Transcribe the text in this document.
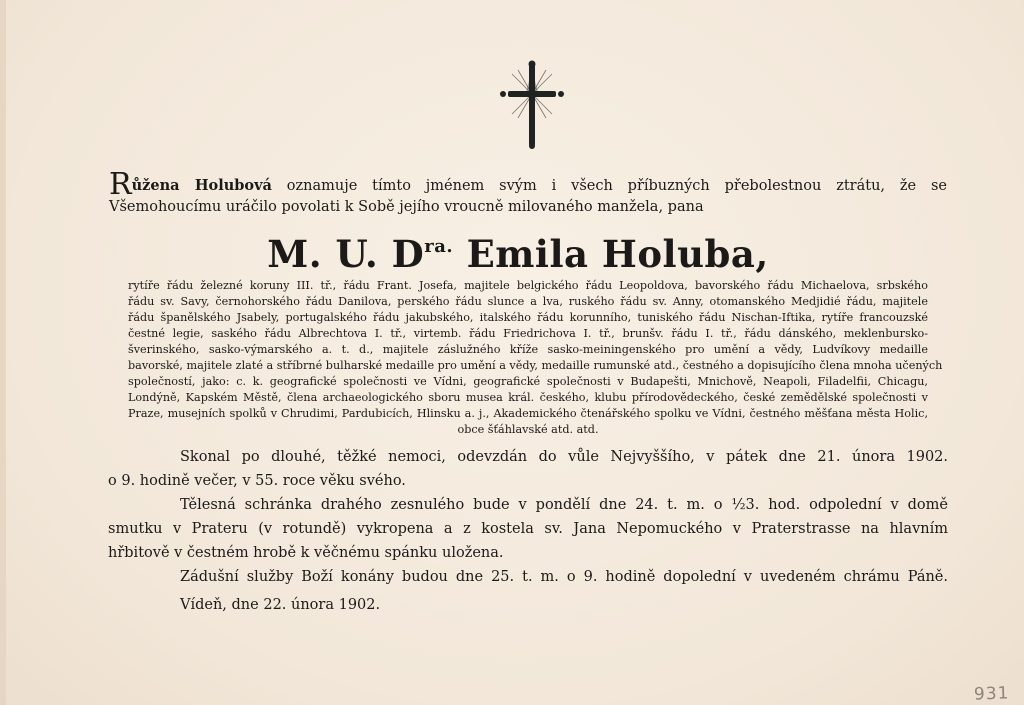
Růžena Holubová oznamuje tímto jménem svým i všech příbuzných přebolestnou ztrátu, že se

Všemohoucímu uráčilo povolati k Sobě jejího vroucně milovaného manžela, pana

M. U. $D^{ra.}$ Emila Holuba,

rytíře řádu železné koruny III. tř., řádu Frant. Josefa, majitele belgického řádu Leopoldova, bavorského řádu Michaelova, srbského

řádu sv. Savy, černohorského řádu Danilova, perského řádu slunce a lva, ruského řádu sv. Anny, otomanského Medjidié řádu, majitele

řádu španělského Jsabely, portugalského řádu jakubského, italského řádu korunního, tuniského řádu Nischan-Iftika, rytíře francouzské

čestné legie, saského řádu Albrechtova I. tř., virtemb. řádu Friedrichova I. tř., brunšv. řádu I. tř., řádu dánského, meklenbursko-

šverinského, sasko-výmarského a. t. d., majitele záslužného kříže sasko-meiningenského pro umění a vědy, Ludvíkovy medaille

bavorské, majitele zlaté a stříbrné bulharské medaille pro umění a vědy, medaille rumunské atd., čestného a dopisujícího člena mnoha učených

společností, jako: c. k. geografické společnosti ve Vídni, geografické společnosti v Budapešti, Mnichově, Neapoli, Filadelfii, Chicagu,

Londýně, Kapském Městě, člena archaeologického sboru musea král. českého, klubu přírodovědeckého, české zemědělské společnosti v

Praze, musejních spolků v Chrudimi, Pardubicích, Hlinsku a. j., Akademického čtenářského spolku ve Vídni, čestného měšťana města Holic,

obce šťáhlavské atd. atd.

Skonal po dlouhé, těžké nemoci, odevzdán do vůle Nejvyššího, v pátek dne 21. února 1902.

o 9. hodině večer, v 55. roce věku svého.

Tělesná schránka drahého zesnulého bude v pondělí dne 24. t. m. o ½3. hod. odpolední v domě

smutku v Prateru (v rotundě) vykropena a z kostela sv. Jana Nepomuckého v Praterstrasse na hlavním

hřbitově v čestném hrobě k věčnému spánku uložena.

Zádušní služby Boží konány budou dne 25. t. m. o 9. hodině dopolední v uvedeném chrámu Páně.

Vídeň, dne 22. února 1902.

931
